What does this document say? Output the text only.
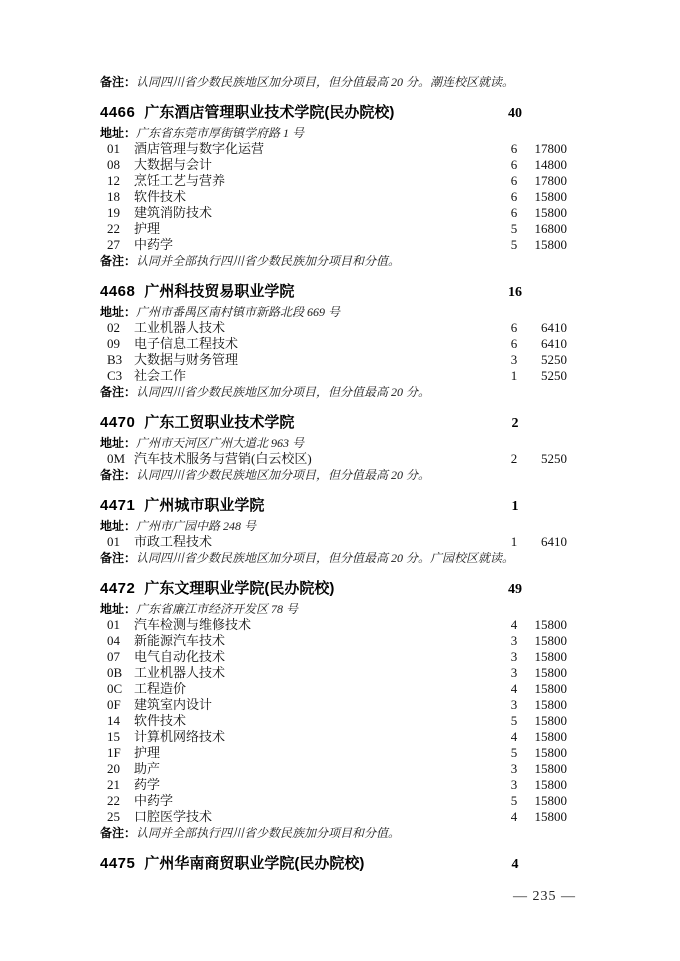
备注：认同四川省少数民族地区加分项目，但分值最高 20 分。潮连校区就读。
4466 广东酒店管理职业技术学院(民办院校)	40
地址：广东省东莞市厚街镇学府路 1 号
01 酒店管理与数字化运营	6	17800
08 大数据与会计	6	14800
12 烹饪工艺与营养	6	17800
18 软件技术	6	15800
19 建筑消防技术	6	15800
22 护理	5	16800
27 中药学	5	15800
备注：认同并全部执行四川省少数民族加分项目和分值。
4468 广州科技贸易职业学院	16
地址：广州市番禺区南村镇市新路北段 669 号
02 工业机器人技术	6	6410
09 电子信息工程技术	6	6410
B3 大数据与财务管理	3	5250
C3 社会工作	1	5250
备注：认同四川省少数民族地区加分项目，但分值最高 20 分。
4470 广东工贸职业技术学院	2
地址：广州市天河区广州大道北 963 号
0M 汽车技术服务与营销(白云校区)	2	5250
备注：认同四川省少数民族地区加分项目，但分值最高 20 分。
4471 广州城市职业学院	1
地址：广州市广园中路 248 号
01 市政工程技术	1	6410
备注：认同四川省少数民族地区加分项目，但分值最高 20 分。广园校区就读。
4472 广东文理职业学院(民办院校)	49
地址：广东省廉江市经济开发区 78 号
01 汽车检测与维修技术	4	15800
04 新能源汽车技术	3	15800
07 电气自动化技术	3	15800
0B 工业机器人技术	3	15800
0C 工程造价	4	15800
0F 建筑室内设计	3	15800
14 软件技术	5	15800
15 计算机网络技术	4	15800
1F 护理	5	15800
20 助产	3	15800
21 药学	3	15800
22 中药学	5	15800
25 口腔医学技术	4	15800
备注：认同并全部执行四川省少数民族加分项目和分值。
4475 广州华南商贸职业学院(民办院校)	4
— 235 —
